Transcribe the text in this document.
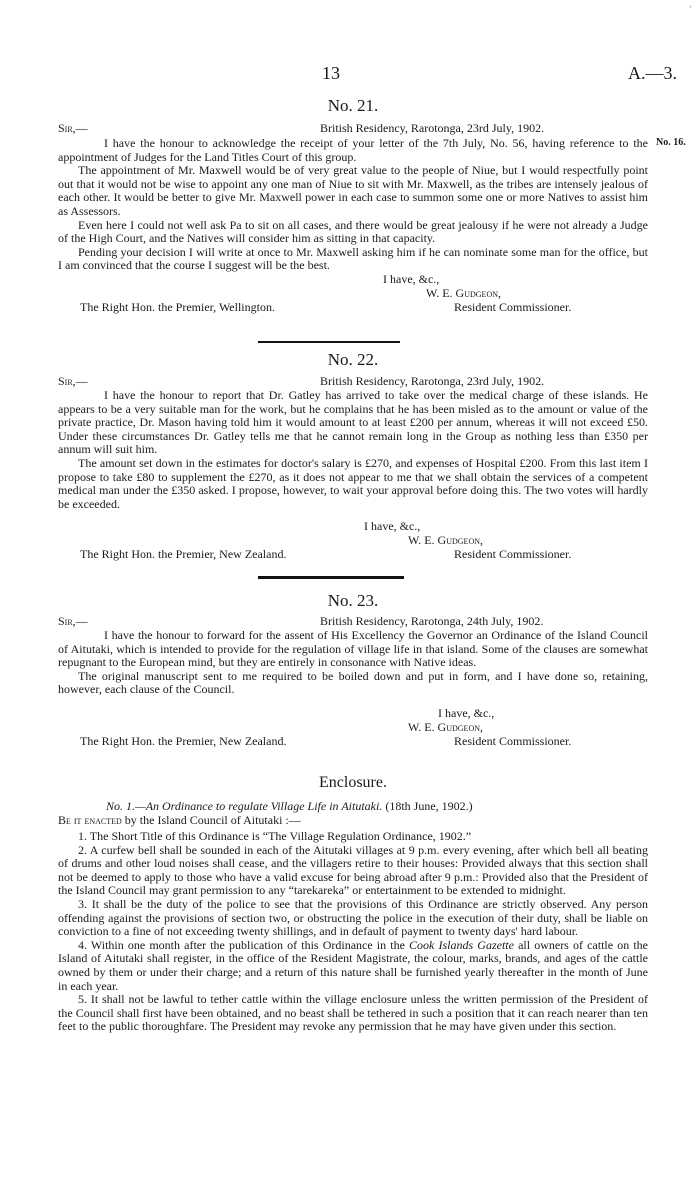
'
13	A.—3.
No. 21.
Sir,—	British Residency, Rarotonga, 23rd July, 1902.
No. 16.
I have the honour to acknowledge the receipt of your letter of the 7th July, No. 56, having reference to the appointment of Judges for the Land Titles Court of this group.
The appointment of Mr. Maxwell would be of very great value to the people of Niue, but I would respectfully point out that it would not be wise to appoint any one man of Niue to sit with Mr. Maxwell, as the tribes are intensely jealous of each other. It would be better to give Mr. Maxwell power in each case to summon some one or more Natives to assist him as Assessors.
Even here I could not well ask Pa to sit on all cases, and there would be great jealousy if he were not already a Judge of the High Court, and the Natives will consider him as sitting in that capacity.
Pending your decision I will write at once to Mr. Maxwell asking him if he can nominate some man for the office, but I am convinced that the course I suggest will be the best.
I have, &c.,
W. E. Gudgeon,
The Right Hon. the Premier, Wellington.	Resident Commissioner.
No. 22.
Sir,—	British Residency, Rarotonga, 23rd July, 1902.
I have the honour to report that Dr. Gatley has arrived to take over the medical charge of these islands. He appears to be a very suitable man for the work, but he complains that he has been misled as to the amount or value of the private practice, Dr. Mason having told him it would amount to at least £200 per annum, whereas it will not exceed £50. Under these circumstances Dr. Gatley tells me that he cannot remain long in the Group as nothing less than £350 per annum will suit him.
The amount set down in the estimates for doctor's salary is £270, and expenses of Hospital £200. From this last item I propose to take £80 to supplement the £270, as it does not appear to me that we shall obtain the services of a competent medical man under the £350 asked. I propose, however, to wait your approval before doing this. The two votes will hardly be exceeded.
I have, &c.,
W. E. Gudgeon,
The Right Hon. the Premier, New Zealand.	Resident Commissioner.
No. 23.
Sir,—	British Residency, Rarotonga, 24th July, 1902.
I have the honour to forward for the assent of His Excellency the Governor an Ordinance of the Island Council of Aitutaki, which is intended to provide for the regulation of village life in that island. Some of the clauses are somewhat repugnant to the European mind, but they are entirely in consonance with Native ideas.
The original manuscript sent to me required to be boiled down and put in form, and I have done so, retaining, however, each clause of the Council.
I have, &c.,
W. E. Gudgeon,
The Right Hon. the Premier, New Zealand.	Resident Commissioner.
Enclosure.
No. 1.—An Ordinance to regulate Village Life in Aitutaki. (18th June, 1902.)
Be it enacted by the Island Council of Aitutaki :—
1. The Short Title of this Ordinance is “The Village Regulation Ordinance, 1902.”
2. A curfew bell shall be sounded in each of the Aitutaki villages at 9 p.m. every evening, after which bell all beating of drums and other loud noises shall cease, and the villagers retire to their houses: Provided always that this section shall not be deemed to apply to those who have a valid excuse for being abroad after 9 p.m.: Provided also that the President of the Island Council may grant permission to any “tarekareka” or entertainment to be extended to midnight.
3. It shall be the duty of the police to see that the provisions of this Ordinance are strictly observed. Any person offending against the provisions of section two, or obstructing the police in the execution of their duty, shall be liable on conviction to a fine of not exceeding twenty shillings, and in default of payment to twenty days' hard labour.
4. Within one month after the publication of this Ordinance in the Cook Islands Gazette all owners of cattle on the Island of Aitutaki shall register, in the office of the Resident Magistrate, the colour, marks, brands, and ages of the cattle owned by them or under their charge; and a return of this nature shall be furnished yearly thereafter in the month of June in each year.
5. It shall not be lawful to tether cattle within the village enclosure unless the written permission of the President of the Council shall first have been obtained, and no beast shall be tethered in such a position that it can reach nearer than ten feet to the public thoroughfare. The President may revoke any permission that he may have given under this section.
